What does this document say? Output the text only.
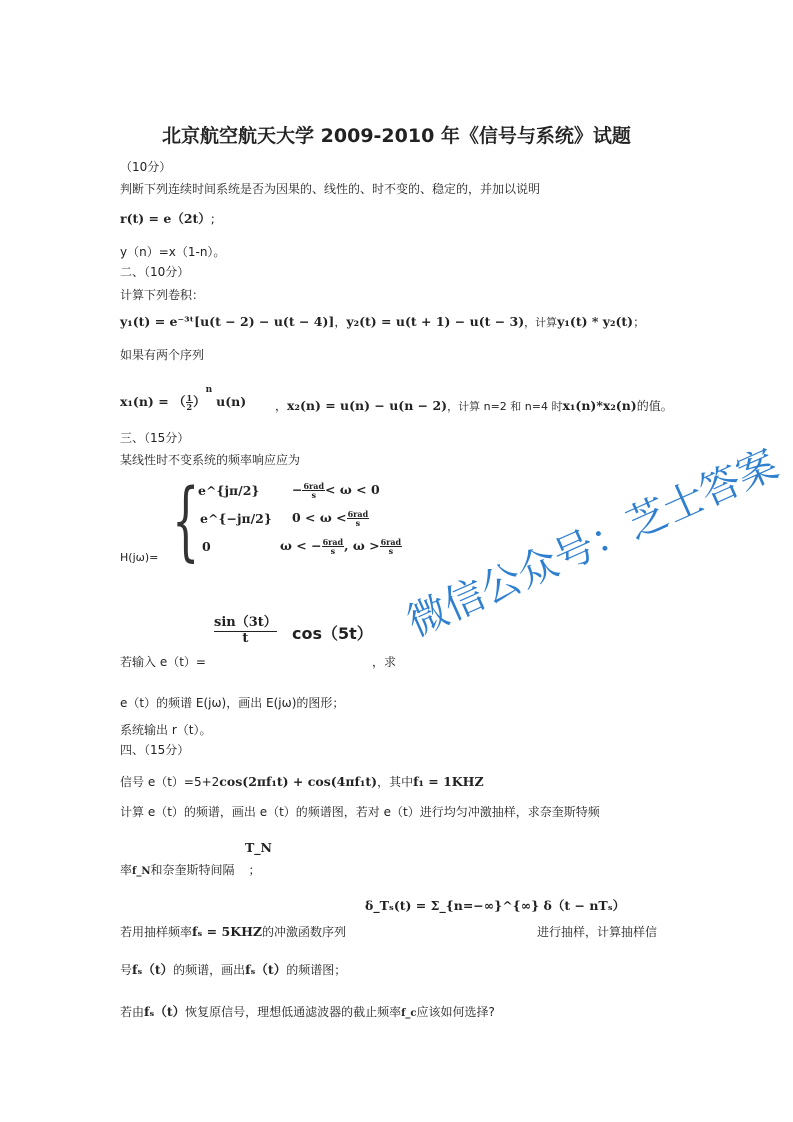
北京航空航天大学 2009-2010 年《信号与系统》试题
（10分）
判断下列连续时间系统是否为因果的、线性的、时不变的、稳定的，并加以说明
r(t) = e（2t）;
y（n）=x（1-n）。
二、（10分）
计算下列卷积：
y₁(t) = e⁻³ᵗ[u(t − 2) − u(t − 4)]，y₂(t) = u(t + 1) − u(t − 3)，计算y₁(t) * y₂(t)；
如果有两个序列
x₁(n) = （ $\frac{1}{2} )^nu(n)$ ，x₂(n) = u(n) − u(n − 2)，计算 n=2 和 n=4 时x₁(n)*x₂(n)的值。
三、（15分）
某线性时不变系统的频率响应应为
{
e^{jπ/2}	− $\frac{\text{6rad}}{s} < \omega < 0$
e^{−jπ/2} $0 < \omega < \frac{\text{6rad}}{s}$
0	ω < − $\frac{\text{6rad}}{s}$ , $\omega > \frac{\text{6rad}}{s}$
H(jω)=
$\frac{\sin(3t)}{t} \cos(5t)$
若输入 e（t）=	，求
e（t）的频谱 E(jω)，画出 E(jω)的图形；
系统输出 r（t）。
四、（15分）
信号 e（t）=5+2cos(2πf₁t) + cos(4πf₁t)，其中f₁ = 1KHZ
计算 e（t）的频谱，画出 e（t）的频谱图，若对 e（t）进行均匀冲激抽样，求奈奎斯特频
T_N
率f_N和奈奎斯特间隔 ；
δ_Tₛ(t) = Σ_{n=−∞}^{∞} δ（t − nTₛ）
若用抽样频率fₛ = 5KHZ的冲激函数序列	进行抽样，计算抽样信
号fₛ（t）的频谱，画出fₛ（t）的频谱图；
若由fₛ（t）恢复原信号，理想低通滤波器的截止频率f_c应该如何选择?
微信公众号：芝士答案
